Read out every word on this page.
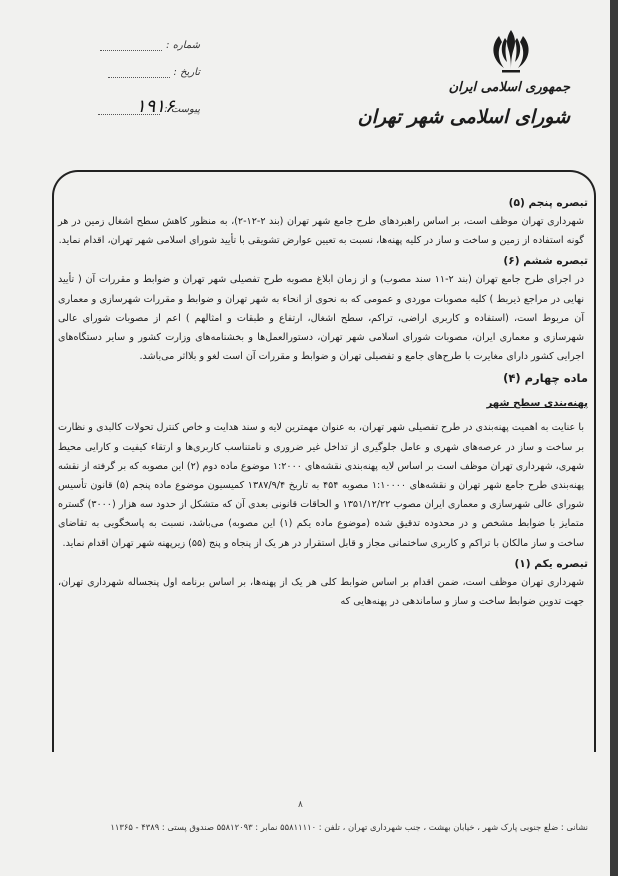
جمهوری اسلامی ایران
شورای اسلامی شهر تهران
شماره :
تاریخ :
پیوست :
۱۹۱۶
تبصره پنجم (۵)

شهرداری تهران موظف است، بر اساس راهبردهای طرح جامع شهر تهران (بند ۲-۱۲-۲)، به منظور کاهش سطح اشغال زمین در هر گونه استفاده از زمین و ساخت و ساز در کلیه پهنه‌ها، نسبت به تعیین عوارض تشویقی با تأیید شورای اسلامی شهر تهران، اقدام نماید.

تبصره ششم (۶)

در اجرای طرح جامع تهران (بند ۲-۱۱ سند مصوب) و از زمان ابلاغ مصوبه طرح تفصیلی شهر تهران و ضوابط و مقررات آن ( تأیید نهایی در مراجع ذیربط ) کلیه مصوبات موردی و عمومی که به نحوی از انحاء به شهر تهران و ضوابط و مقررات شهرسازی و معماری آن مربوط است، (استفاده و کاربری اراضی، تراکم، سطح اشغال، ارتفاع و طبقات و امثالهم ) اعم از مصوبات شورای عالی شهرسازی و معماری ایران، مصوبات شورای اسلامی شهر تهران، دستورالعمل‌ها و بخشنامه‌های وزارت کشور و سایر دستگاه‌های اجرایی کشور دارای مغایرت با طرح‌های جامع و تفصیلی تهران و ضوابط و مقررات آن است لغو و بلااثر می‌باشد.

ماده چهارم (۴)
پهنه‌بندی سطح شهر

با عنایت به اهمیت پهنه‌بندی در طرح تفصیلی شهر تهران، به عنوان مهمترین لایه و سند هدایت و خاص کنترل تحولات کالبدی و نظارت بر ساخت و ساز در عرصه‌های شهری و عامل جلوگیری از تداخل غیر ضروری و نامتناسب کاربری‌ها و ارتقاء کیفیت و کارایی محیط شهری، شهرداری تهران موظف است بر اساس لایه پهنه‌بندی نقشه‌های ۱:۲۰۰۰ موضوع ماده دوم (۲) این مصوبه که بر گرفته از نقشه پهنه‌بندی طرح جامع شهر تهران و نقشه‌های ۱:۱۰۰۰۰ مصوبه ۴۵۴ به تاریخ ۱۳۸۷/۹/۴ کمیسیون موضوع ماده پنجم (۵) قانون تأسیس شورای عالی شهرسازی و معماری ایران مصوب ۱۳۵۱/۱۲/۲۲ و الحاقات قانونی بعدی آن که متشکل از حدود سه هزار (۳۰۰۰) گستره متمایز با ضوابط مشخص و در محدوده تدقیق شده (موضوع ماده یکم (۱) این مصوبه) می‌باشد، نسبت به پاسخگویی به تقاضای ساخت و ساز مالکان با تراکم و کاربری ساختمانی مجاز و قابل استقرار در هر یک از پنجاه و پنج (۵۵) زیرپهنه شهر تهران اقدام نماید.

تبصره یکم (۱)

شهرداری تهران موظف است، ضمن اقدام بر اساس ضوابط کلی هر یک از پهنه‌ها، بر اساس برنامه اول پنجساله شهرداری تهران، جهت تدوین ضوابط ساخت و ساز و ساماندهی در پهنه‌هایی که

۸
نشانی : ضلع جنوبی پارک شهر ، خیابان بهشت ، جنب شهرداری تهران ، تلفن : ۵۵۸۱۱۱۱۰ نمابر : ۵۵۸۱۲۰۹۳ صندوق پستی : ۴۳۸۹ - ۱۱۳۶۵
